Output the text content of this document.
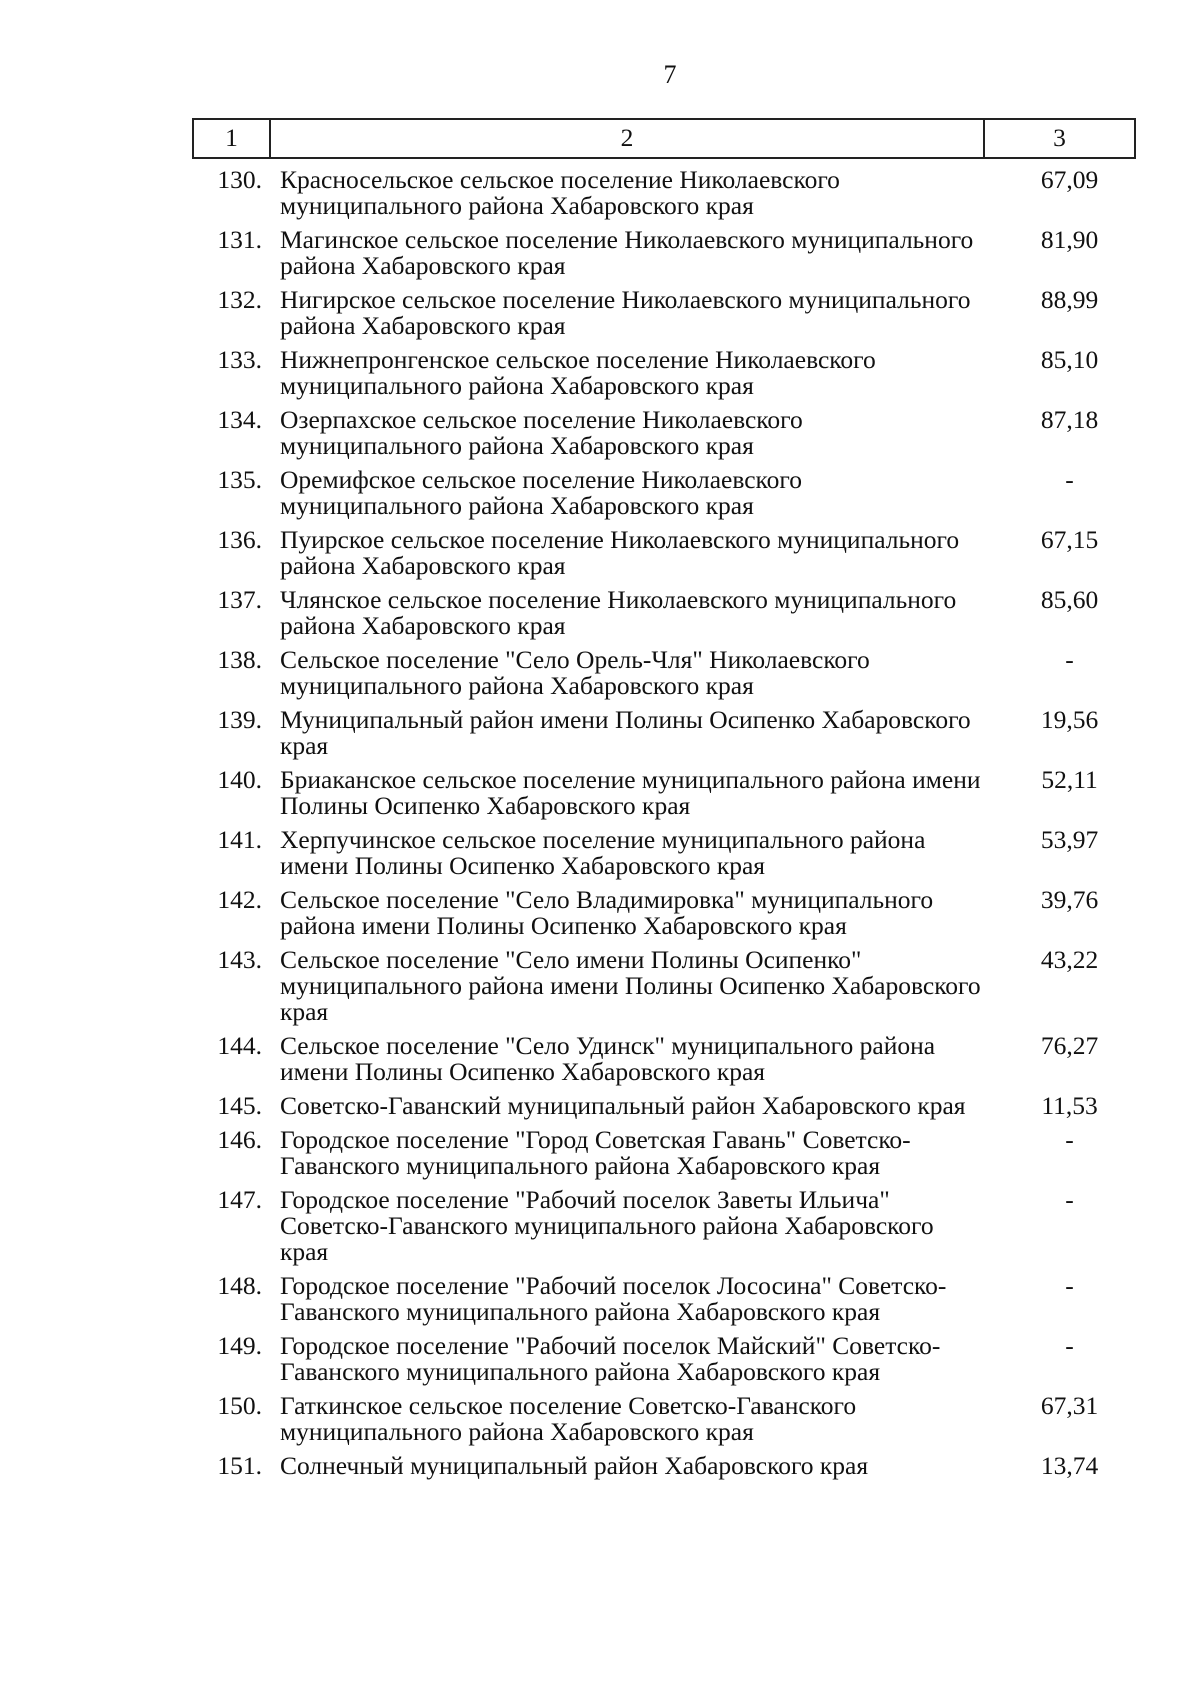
7
1	2	3
130.	Красносельское сельское поселение Николаевского муниципального района Хабаровского края	67,09
131.	Магинское сельское поселение Николаевского муниципального района Хабаровского края	81,90
132.	Нигирское сельское поселение Николаевского муниципального района Хабаровского края	88,99
133.	Нижнепронгенское сельское поселение Николаевского муниципального района Хабаровского края	85,10
134.	Озерпахское сельское поселение Николаевского муниципального района Хабаровского края	87,18
135.	Оремифское сельское поселение Николаевского муниципального района Хабаровского края	-
136.	Пуирское сельское поселение Николаевского муниципального района Хабаровского края	67,15
137.	Члянское сельское поселение Николаевского муниципального района Хабаровского края	85,60
138.	Сельское поселение "Село Орель-Чля" Николаевского муниципального района Хабаровского края	-
139.	Муниципальный район имени Полины Осипенко Хабаровского края	19,56
140.	Бриаканское сельское поселение муниципального района имени Полины Осипенко Хабаровского края	52,11
141.	Херпучинское сельское поселение муниципального района имени Полины Осипенко Хабаровского края	53,97
142.	Сельское поселение "Село Владимировка" муниципального района имени Полины Осипенко Хабаровского края	39,76
143.	Сельское поселение "Село имени Полины Осипенко" муниципального района имени Полины Осипенко Хабаровского края	43,22
144.	Сельское поселение "Село Удинск" муниципального района имени Полины Осипенко Хабаровского края	76,27
145.	Советско-Гаванский муниципальный район Хабаровского края	11,53
146.	Городское поселение "Город Советская Гавань" Советско-Гаванского муниципального района Хабаровского края	-
147.	Городское поселение "Рабочий поселок Заветы Ильича" Советско-Гаванского муниципального района Хабаровского края	-
148.	Городское поселение "Рабочий поселок Лососина" Советско-Гаванского муниципального района Хабаровского края	-
149.	Городское поселение "Рабочий поселок Майский" Советско-Гаванского муниципального района Хабаровского края	-
150.	Гаткинское сельское поселение Советско-Гаванского муниципального района Хабаровского края	67,31
151.	Солнечный муниципальный район Хабаровского края	13,74
